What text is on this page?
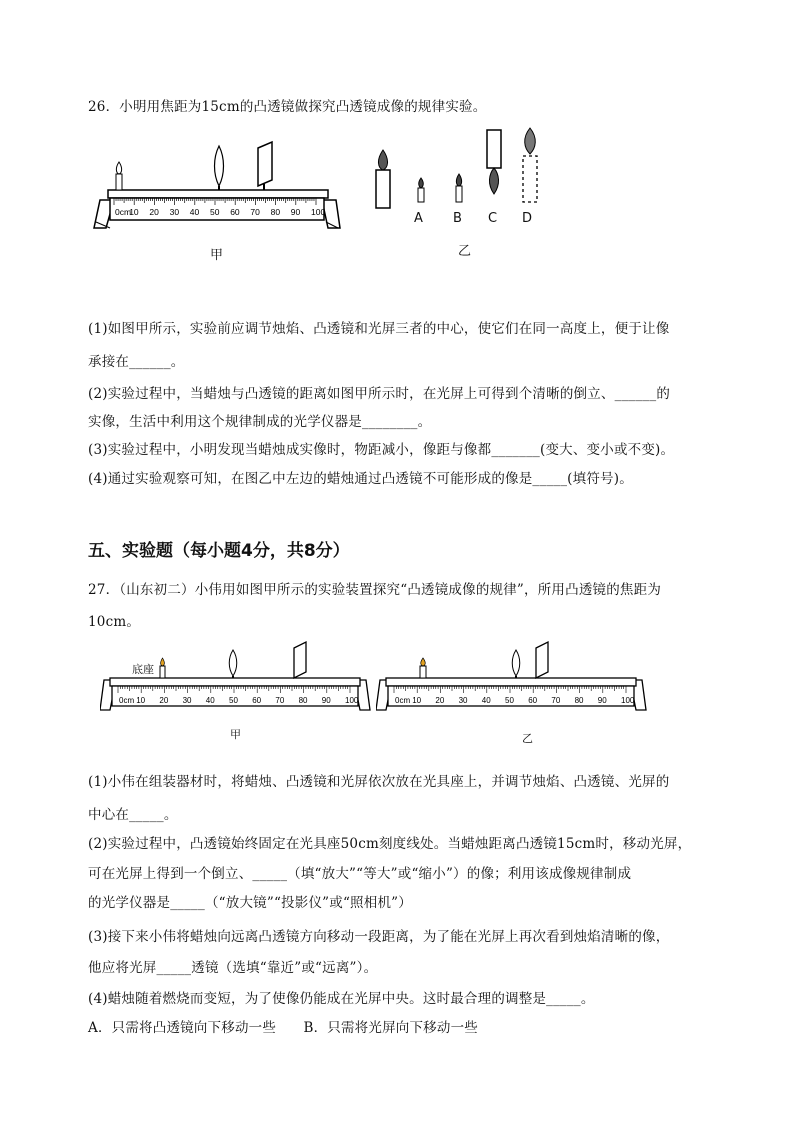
26．小明用焦距为15cm的凸透镜做探究凸透镜成像的规律实验。
0cm
10 20 30 40 50 60 70 80 90 100
甲
A B C D
乙
(1)如图甲所示，实验前应调节烛焰、凸透镜和光屏三者的中心，使它们在同一高度上，便于让像
承接在______。
(2)实验过程中，当蜡烛与凸透镜的距离如图甲所示时，在光屏上可得到个清晰的倒立、______的
实像，生活中利用这个规律制成的光学仪器是________。
(3)实验过程中，小明发现当蜡烛成实像时，物距减小，像距与像都_______(变大、变小或不变)。
(4)通过实验观察可知，在图乙中左边的蜡烛通过凸透镜不可能形成的像是_____(填符号)。
五、实验题（每小题4分，共8分）
27．（山东初二）小伟用如图甲所示的实验装置探究“凸透镜成像的规律”，所用凸透镜的焦距为
10cm。
0cm 10 20 30 40 50 60 70 80 90 100
底座
甲
0cm 10 20 30 40 50 60 70 80 90 100
乙
(1)小伟在组装器材时，将蜡烛、凸透镜和光屏依次放在光具座上，并调节烛焰、凸透镜、光屏的
中心在_____。
(2)实验过程中，凸透镜始终固定在光具座50cm刻度线处。当蜡烛距离凸透镜15cm时，移动光屏，
可在光屏上得到一个倒立、_____（填“放大”“等大”或“缩小”）的像；利用该成像规律制成
的光学仪器是_____（“放大镜”“投影仪”或“照相机”）
(3)接下来小伟将蜡烛向远离凸透镜方向移动一段距离，为了能在光屏上再次看到烛焰清晰的像，
他应将光屏_____透镜（选填“靠近”或“远离”）。
(4)蜡烛随着燃烧而变短，为了使像仍能成在光屏中央。这时最合理的调整是_____。
A．只需将凸透镜向下移动一些　　B．只需将光屏向下移动一些
